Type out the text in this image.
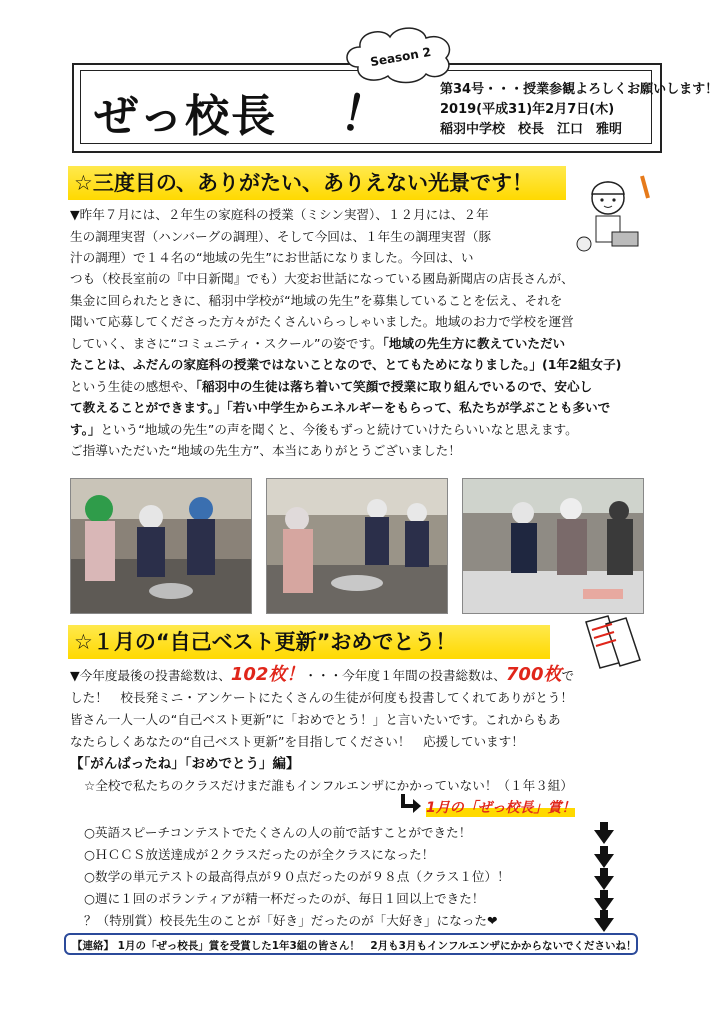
Season 2
ぜっ校長 ！	第34号・・・授業参観よろしくお願いします！
2019(平成31)年2月7日(木)
稲羽中学校　校長　江口　雅明
☆三度目の、ありがたい、ありえない光景です！
▼昨年７月には、２年生の家庭科の授業（ミシン実習）、１２月には、２年
生の調理実習（ハンバーグの調理）、そして今回は、１年生の調理実習（豚
汁の調理）で１４名の“地域の先生”にお世話になりました。今回は、い
つも（校長室前の『中日新聞』でも）大変お世話になっている國島新聞店の店長さんが、
集金に回られたときに、稲羽中学校が“地域の先生”を募集していることを伝え、それを
聞いて応募してくださった方々がたくさんいらっしゃいました。地域のお力で学校を運営
していく、まさに“コミュニティ・スクール”の姿です。「地域の先生方に教えていただい
たことは、ふだんの家庭科の授業ではないことなので、とてもためになりました。」(1年2組女子)
という生徒の感想や、「稲羽中の生徒は落ち着いて笑顔で授業に取り組んでいるので、安心し
て教えることができます。」「若い中学生からエネルギーをもらって、私たちが学ぶことも多いで
す。」という“地域の先生”の声を聞くと、今後もずっと続けていけたらいいなと思えます。
ご指導いただいた“地域の先生方”、本当にありがとうございました！
☆１月の“自己ベスト更新”おめでとう！
▼今年度最後の投書総数は、102枚！・・・今年度１年間の投書総数は、700枚で
した！　校長発ミニ・アンケートにたくさんの生徒が何度も投書してくれてありがとう！
皆さん一人一人の“自己ベスト更新”に「おめでとう！」と言いたいです。これからもあ
なたらしくあなたの“自己ベスト更新”を目指してください！　応援しています！
【「がんばったね」「おめでとう」編】
☆全校で私たちのクラスだけまだ誰もインフルエンザにかかっていない！（１年３組）
1月の「ぜっ校長」賞！
○英語スピーチコンテストでたくさんの人の前で話すことができた！
○ＨＣＣＳ放送達成が２クラスだったのが全クラスになった！
○数学の単元テストの最高得点が９０点だったのが９８点（クラス１位）！
○週に１回のボランティアが精一杯だったのが、毎日１回以上できた！
？（特別賞）校長先生のことが「好き」だったのが「大好き」になった❤
【連絡】 1月の「ぜっ校長」賞を受賞した1年3組の皆さん！　2月も3月もインフルエンザにかからないでくださいね！
